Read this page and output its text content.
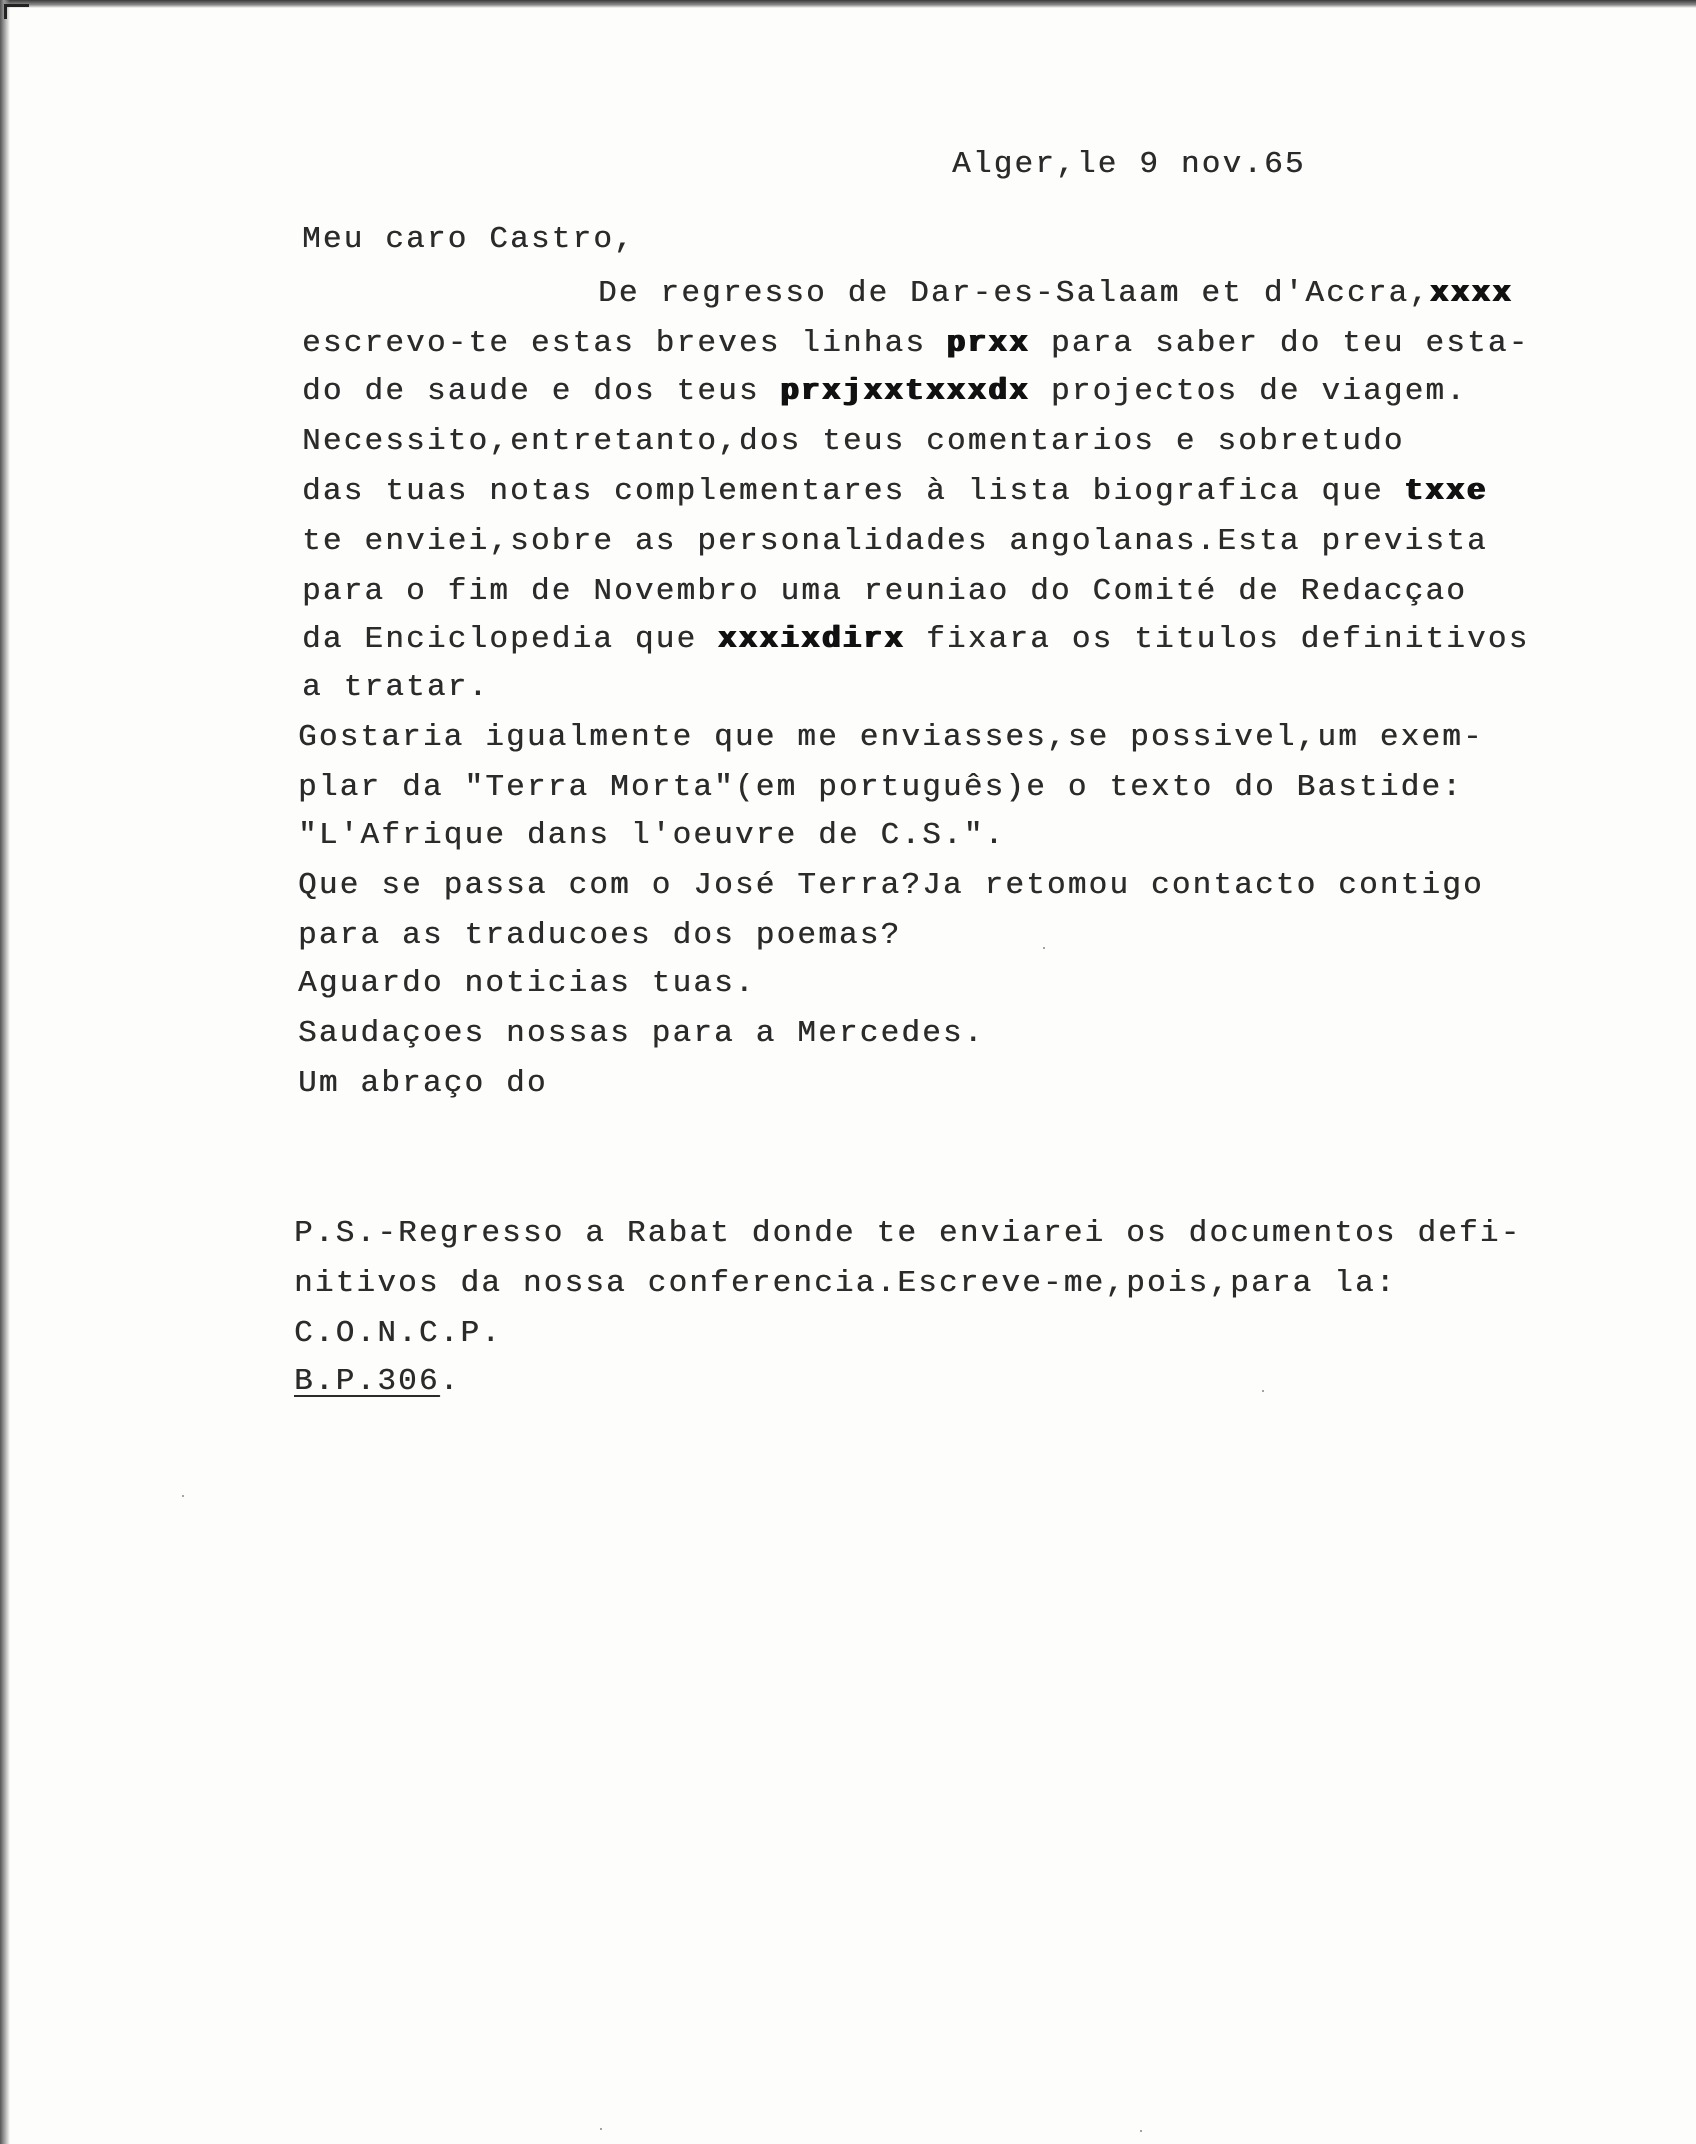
Alger,le 9 nov.65
Meu caro Castro,
De regresso de Dar-es-Salaam et d'Accra,xxxx
escrevo-te estas breves linhas prxx para saber do teu esta-
do de saude e dos teus prxjxxtxxxdx projectos de viagem.
Necessito,entretanto,dos teus comentarios e sobretudo
das tuas notas complementares à lista biografica que txxe
te enviei,sobre as personalidades angolanas.Esta prevista
para o fim de Novembro uma reuniao do Comité de Redacçao
da Enciclopedia que xxxixdirx fixara os titulos definitivos
a tratar.
Gostaria igualmente que me enviasses,se possivel,um exem-
plar da "Terra Morta"(em português)e o texto do Bastide:
"L'Afrique dans l'oeuvre de C.S.".
Que se passa com o José Terra?Ja retomou contacto contigo
para as traducoes dos poemas?
Aguardo noticias tuas.
Saudaçoes nossas para a Mercedes.
Um abraço do
P.S.-Regresso a Rabat donde te enviarei os documentos defi-
nitivos da nossa conferencia.Escreve-me,pois,para la:
C.O.N.C.P.
B.P.306.
